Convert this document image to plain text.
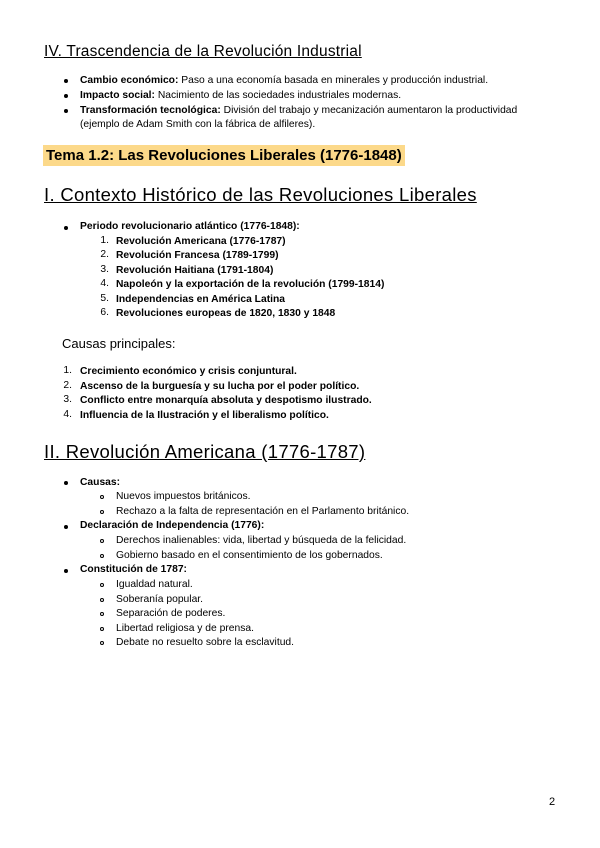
IV. Trascendencia de la Revolución Industrial
Cambio económico: Paso a una economía basada en minerales y producción industrial.
Impacto social: Nacimiento de las sociedades industriales modernas.
Transformación tecnológica: División del trabajo y mecanización aumentaron la productividad
(ejemplo de Adam Smith con la fábrica de alfileres).
Tema 1.2: Las Revoluciones Liberales (1776-1848)
I. Contexto Histórico de las Revoluciones Liberales
Periodo revolucionario atlántico (1776-1848):
1. Revolución Americana (1776-1787)
2. Revolución Francesa (1789-1799)
3. Revolución Haitiana (1791-1804)
4. Napoleón y la exportación de la revolución (1799-1814)
5. Independencias en América Latina
6. Revoluciones europeas de 1820, 1830 y 1848
Causas principales:
1. Crecimiento económico y crisis conjuntural.
2. Ascenso de la burguesía y su lucha por el poder político.
3. Conflicto entre monarquía absoluta y despotismo ilustrado.
4. Influencia de la Ilustración y el liberalismo político.
II. Revolución Americana (1776-1787)
Causas:
Nuevos impuestos británicos.
Rechazo a la falta de representación en el Parlamento británico.
Declaración de Independencia (1776):
Derechos inalienables: vida, libertad y búsqueda de la felicidad.
Gobierno basado en el consentimiento de los gobernados.
Constitución de 1787:
Igualdad natural.
Soberanía popular.
Separación de poderes.
Libertad religiosa y de prensa.
Debate no resuelto sobre la esclavitud.
2
